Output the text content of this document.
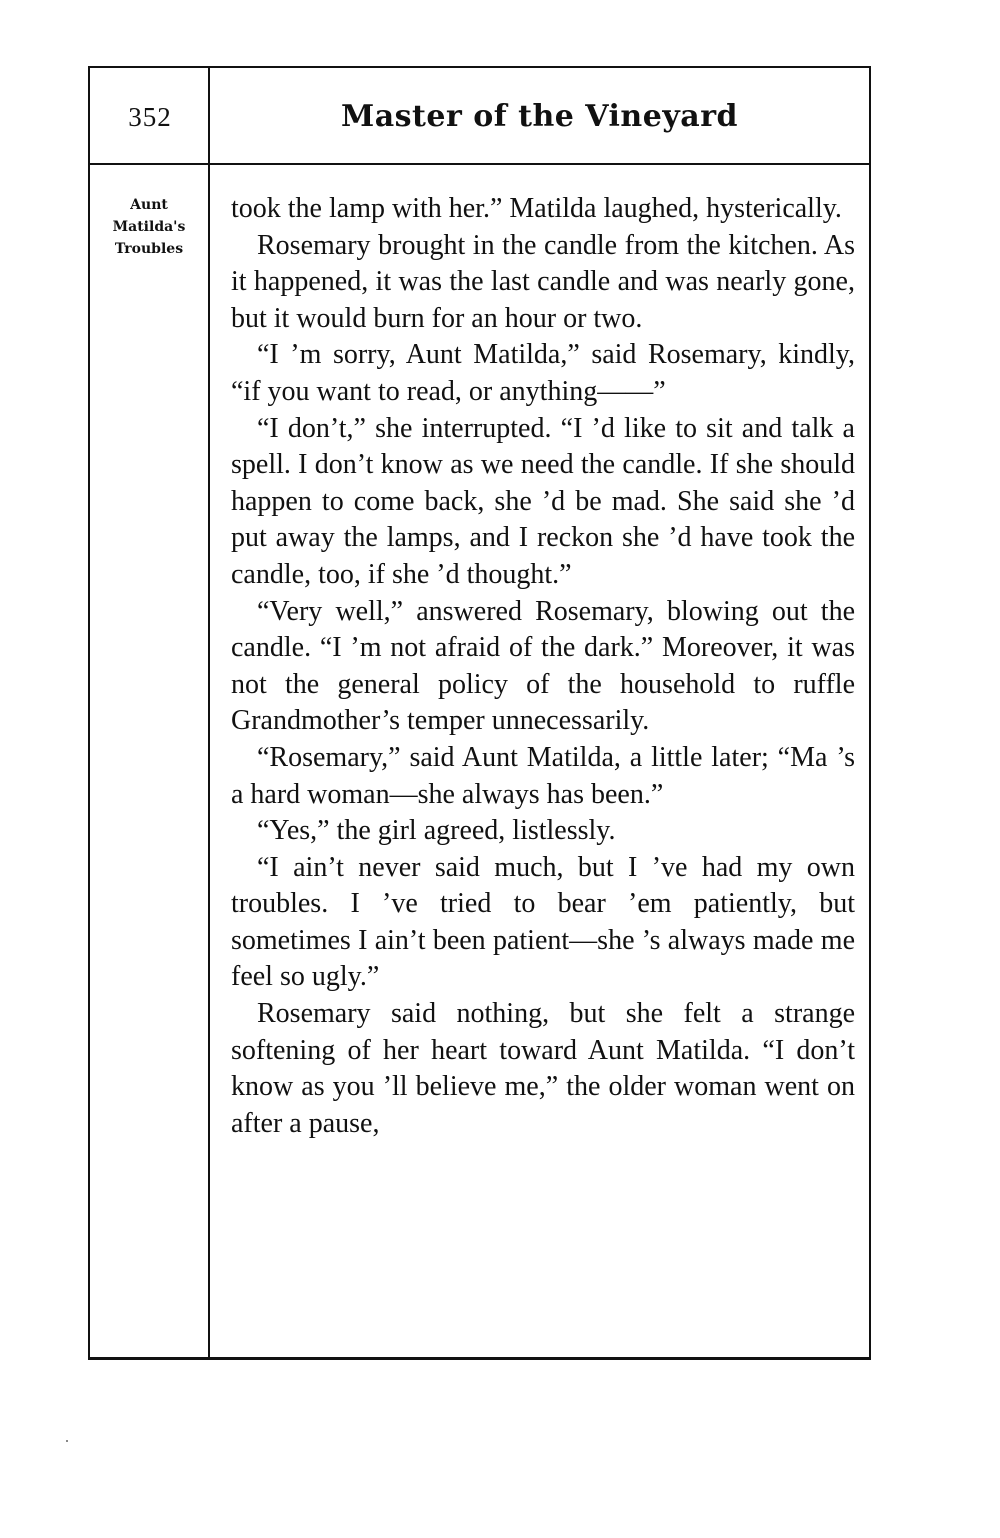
352	Master of the Vineyard
Aunt
Matilda's
Troubles

took the lamp with her.” Matilda laughed, hysterically.

Rosemary brought in the candle from the kitchen. As it happened, it was the last candle and was nearly gone, but it would burn for an hour or two.

“I ’m sorry, Aunt Matilda,” said Rosemary, kindly, “if you want to read, or anything——”

“I don’t,” she interrupted. “I ’d like to sit and talk a spell. I don’t know as we need the candle. If she should happen to come back, she ’d be mad. She said she ’d put away the lamps, and I reckon she ’d have took the candle, too, if she ’d thought.”

“Very well,” answered Rosemary, blowing out the candle. “I ’m not afraid of the dark.” Moreover, it was not the general policy of the household to ruffle Grandmother’s temper unnecessarily.

“Rosemary,” said Aunt Matilda, a little later; “Ma ’s a hard woman—she always has been.”

“Yes,” the girl agreed, listlessly.

“I ain’t never said much, but I ’ve had my own troubles. I ’ve tried to bear ’em patiently, but sometimes I ain’t been patient—she ’s always made me feel so ugly.”

Rosemary said nothing, but she felt a strange softening of her heart toward Aunt Matilda. “I don’t know as you ’ll believe me,” the older woman went on after a pause,
